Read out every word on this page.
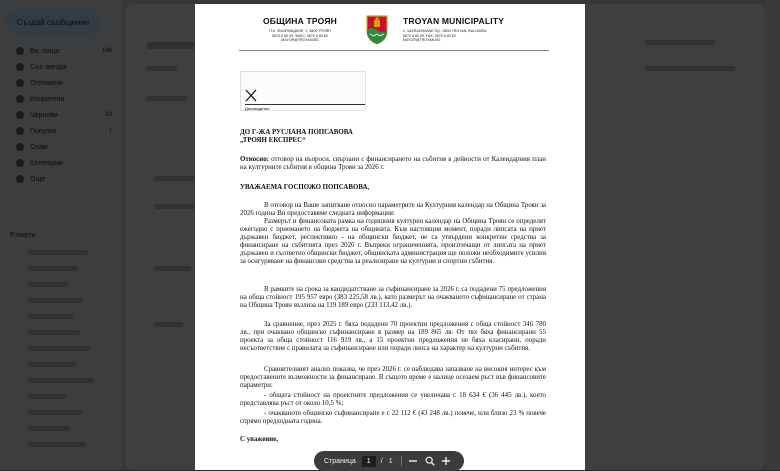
ОБЩИНА ТРОЯН
П.К. "ВЪЗРАЖДАНЕ" 1, 5600 ТРОЯН
0670 6 80 09, ФАКС: 0670 6 80 60
MAYOR@TROYAN.BG
TROYAN MUNICIPALITY
1, VAZRAZHDANE SQ., 5600 TROYAN, BULGARIA
0670 6 80 09, FAX: 0670 6 80 60
MAYOR@TROYAN.BG
Деловодител
ДО Г-ЖА РУСЛАНА ПОПСАВОВА
„ТРОЯН ЕКСПРЕС“
Относно: отговор на въпроси, свързани с финансирането на събития в дейности от Календарния план на културните събития в община Троян за 2026 г.
УВАЖАЕМА ГОСПОЖО ПОПСАВОВА,
В отговор на Ваше запитване относно параметрите на Културния календар на Община Троян за 2026 година Ви предоставяме следната информация:
Размерът и финансовата рамка на годишния културен календар на Община Троян се определят ежегодно с приемането на бюджета на общината. Към настоящия момент, поради липсата на приет държавен бюджет, респективно - на общински бюджет, не са утвърдени конкретни средства за финансиране на събитията през 2026 г. Въпреки ограниченията, произтичащи от липсата на приет държавен и съответно общински бюджет, общинската администрация ще положи необходимите усилия за осигуряване на финансови средства за реализиране на културни и спортни събития.
В рамките на срока за кандидатстване за съфинансиране за 2026 г. са подадени 75 предложения на обща стойност 195 957 евро (383 225,58 лв.), като размерът на очакваното съфинансиране от страна на Община Троян възлиза на 119 189 евро (233 113,42 лв.).
За сравнение, през 2025 г. бяха подадени 70 проектни предложения с обща стойност 346 780 лв., при очаквано общинско съфинансиране в размер на 189 865 лв. От тях бяха финансирани 55 проекта за обща стойност 116 919 лв., а 15 проектни предложения не бяха класирани, поради несъответствие с правилата за съфинансиране или поради липса на характер на културни събития.
Сравнителният анализ показва, че през 2026 г. се наблюдава запазване на високия интерес към предоставените възможности за финансиране. В същото време е налице осезаем ръст във финансовите параметри:
- общата стойност на проектните предложения се увеличава с 18 634 € (36 445 лв.), което представлява ръст от около 10,5 %;
- очакваното общинско съфинансиране е с 22 112 € (43 248 лв.) повече, или близо 23 % повече спрямо предходната година.
С уважение,
Страница
1	/ 1
